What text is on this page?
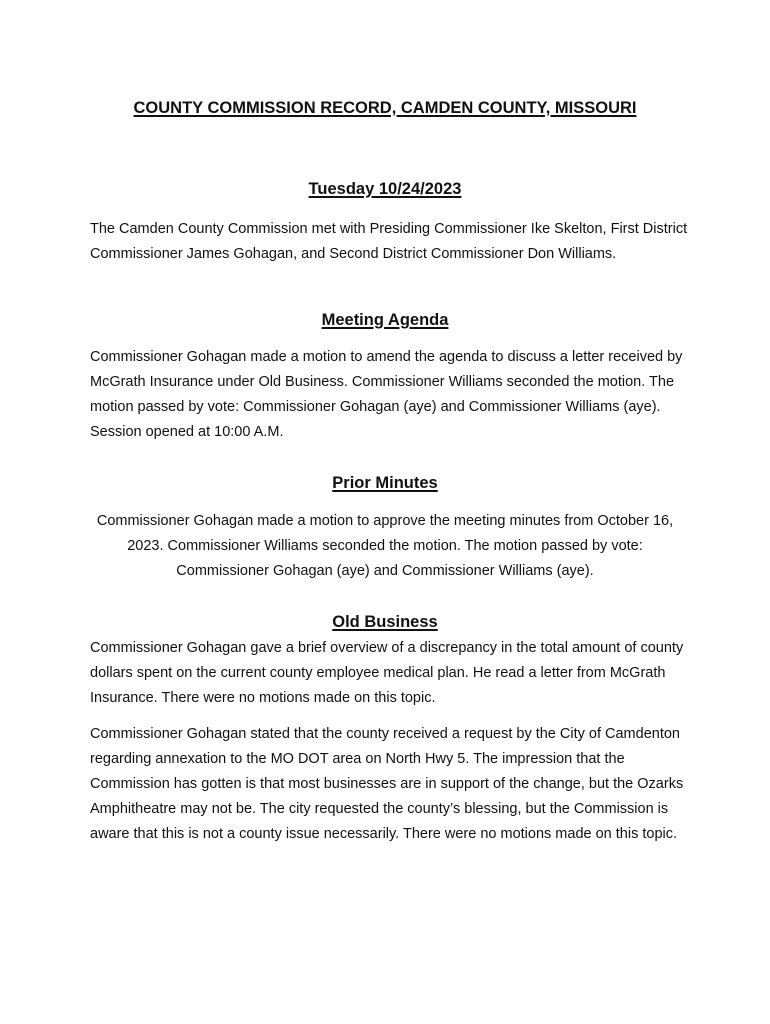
COUNTY COMMISSION RECORD, CAMDEN COUNTY, MISSOURI
Tuesday 10/24/2023

The Camden County Commission met with Presiding Commissioner Ike Skelton, First District Commissioner James Gohagan, and Second District Commissioner Don Williams.

Meeting Agenda

Commissioner Gohagan made a motion to amend the agenda to discuss a letter received by McGrath Insurance under Old Business. Commissioner Williams seconded the motion. The motion passed by vote: Commissioner Gohagan (aye) and Commissioner Williams (aye). Session opened at 10:00 A.M.

Prior Minutes

Commissioner Gohagan made a motion to approve the meeting minutes from October 16, 2023. Commissioner Williams seconded the motion. The motion passed by vote: Commissioner Gohagan (aye) and Commissioner Williams (aye).

Old Business

Commissioner Gohagan gave a brief overview of a discrepancy in the total amount of county dollars spent on the current county employee medical plan. He read a letter from McGrath Insurance. There were no motions made on this topic.

Commissioner Gohagan stated that the county received a request by the City of Camdenton regarding annexation to the MO DOT area on North Hwy 5. The impression that the Commission has gotten is that most businesses are in support of the change, but the Ozarks Amphitheatre may not be. The city requested the county’s blessing, but the Commission is aware that this is not a county issue necessarily. There were no motions made on this topic.
